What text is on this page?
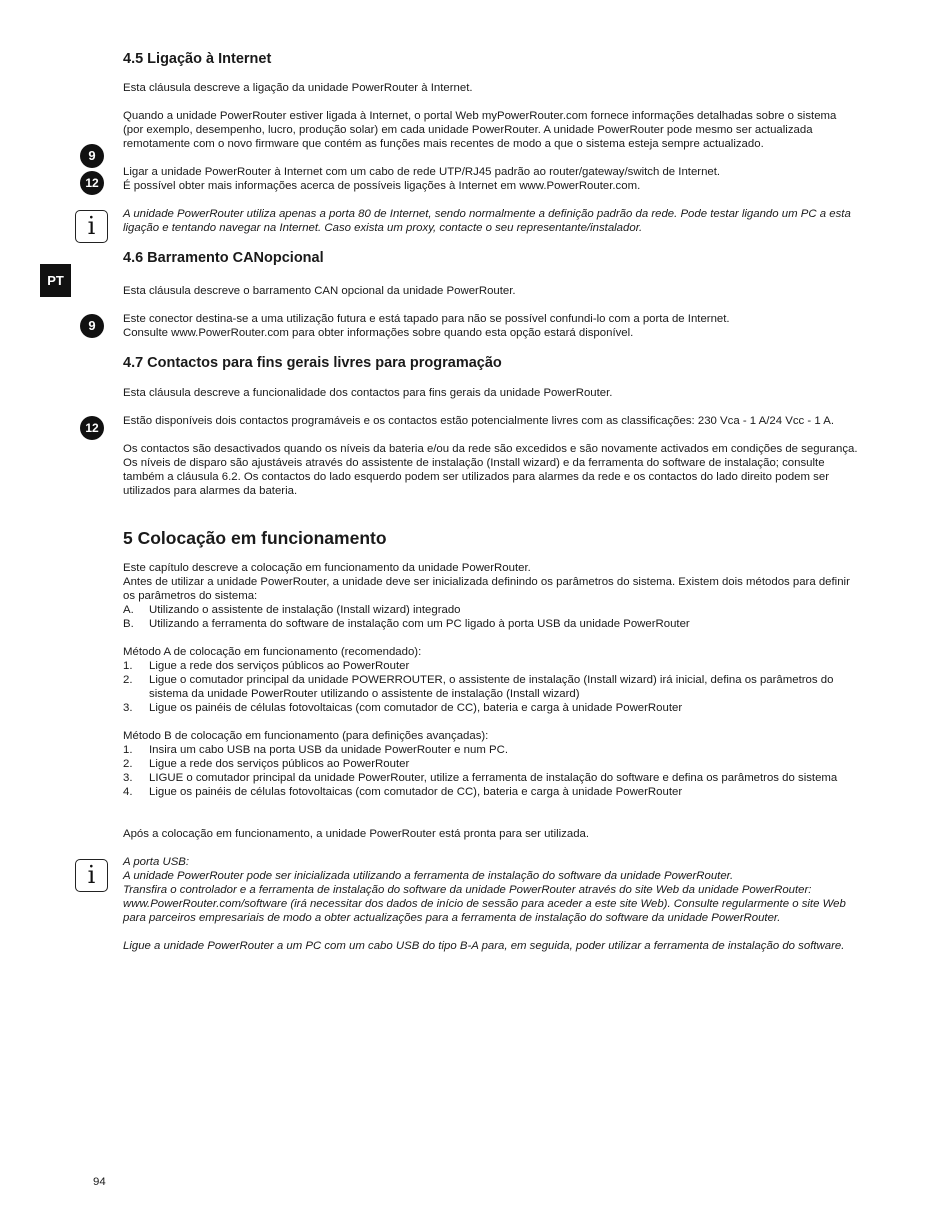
PT
9
12
i
9
12
i
4.5 Ligação à Internet

Esta cláusula descreve a ligação da unidade PowerRouter à Internet.

Quando a unidade PowerRouter estiver ligada à Internet, o portal Web myPowerRouter.com fornece informações detalhadas sobre o sistema (por exemplo, desempenho, lucro, produção solar) em cada unidade PowerRouter. A unidade PowerRouter pode mesmo ser actualizada remotamente com o novo firmware que contém as funções mais recentes de modo a que o sistema esteja sempre actualizado.

Ligar a unidade PowerRouter à Internet com um cabo de rede UTP/RJ45 padrão ao router/gateway/switch de Internet.

É possível obter mais informações acerca de possíveis ligações à Internet em www.PowerRouter.com.

A unidade PowerRouter utiliza apenas a porta 80 de Internet, sendo normalmente a definição padrão da rede. Pode testar ligando um PC a esta ligação e tentando navegar na Internet. Caso exista um proxy, contacte o seu representante/instalador.

4.6 Barramento CANopcional

Esta cláusula descreve o barramento CAN opcional da unidade PowerRouter.

Este conector destina-se a uma utilização futura e está tapado para não se possível confundi-lo com a porta de Internet.

Consulte www.PowerRouter.com para obter informações sobre quando esta opção estará disponível.

4.7 Contactos para fins gerais livres para programação

Esta cláusula descreve a funcionalidade dos contactos para fins gerais da unidade PowerRouter.

Estão disponíveis dois contactos programáveis e os contactos estão potencialmente livres com as classificações: 230 Vca - 1 A/24 Vcc - 1 A.

Os contactos são desactivados quando os níveis da bateria e/ou da rede são excedidos e são novamente activados em condições de segurança. Os níveis de disparo são ajustáveis através do assistente de instalação (Install wizard) e da ferramenta do software de instalação; consulte também a cláusula 6.2. Os contactos do lado esquerdo podem ser utilizados para alarmes da rede e os contactos do lado direito podem ser utilizados para alarmes da bateria.

5 Colocação em funcionamento

Este capítulo descreve a colocação em funcionamento da unidade PowerRouter.

Antes de utilizar a unidade PowerRouter, a unidade deve ser inicializada definindo os parâmetros do sistema. Existem dois métodos para definir os parâmetros do sistema:

A.	Utilizando o assistente de instalação (Install wizard) integrado
B.	Utilizando a ferramenta do software de instalação com um PC ligado à porta USB da unidade PowerRouter

Método A de colocação em funcionamento (recomendado):

1.	Ligue a rede dos serviços públicos ao PowerRouter
2.	Ligue o comutador principal da unidade POWERROUTER, o assistente de instalação (Install wizard) irá inicial, defina os parâmetros do sistema da unidade PowerRouter utilizando o assistente de instalação (Install wizard)
3.	Ligue os painéis de células fotovoltaicas (com comutador de CC), bateria e carga à unidade PowerRouter

Método B de colocação em funcionamento (para definições avançadas):

1.	Insira um cabo USB na porta USB da unidade PowerRouter e num PC.
2.	Ligue a rede dos serviços públicos ao PowerRouter
3.	LIGUE o comutador principal da unidade PowerRouter, utilize a ferramenta de instalação do software e defina os parâmetros do sistema
4.	Ligue os painéis de células fotovoltaicas (com comutador de CC), bateria e carga à unidade PowerRouter

Após a colocação em funcionamento, a unidade PowerRouter está pronta para ser utilizada.

A porta USB:

A unidade PowerRouter pode ser inicializada utilizando a ferramenta de instalação do software da unidade PowerRouter.

Transfira o controlador e a ferramenta de instalação do software da unidade PowerRouter através do site Web da unidade PowerRouter: www.PowerRouter.com/software (irá necessitar dos dados de início de sessão para aceder a este site Web). Consulte regularmente o site Web para parceiros empresariais de modo a obter actualizações para a ferramenta de instalação do software da unidade PowerRouter.

Ligue a unidade PowerRouter a um PC com um cabo USB do tipo B-A para, em seguida, poder utilizar a ferramenta de instalação do software.

94
